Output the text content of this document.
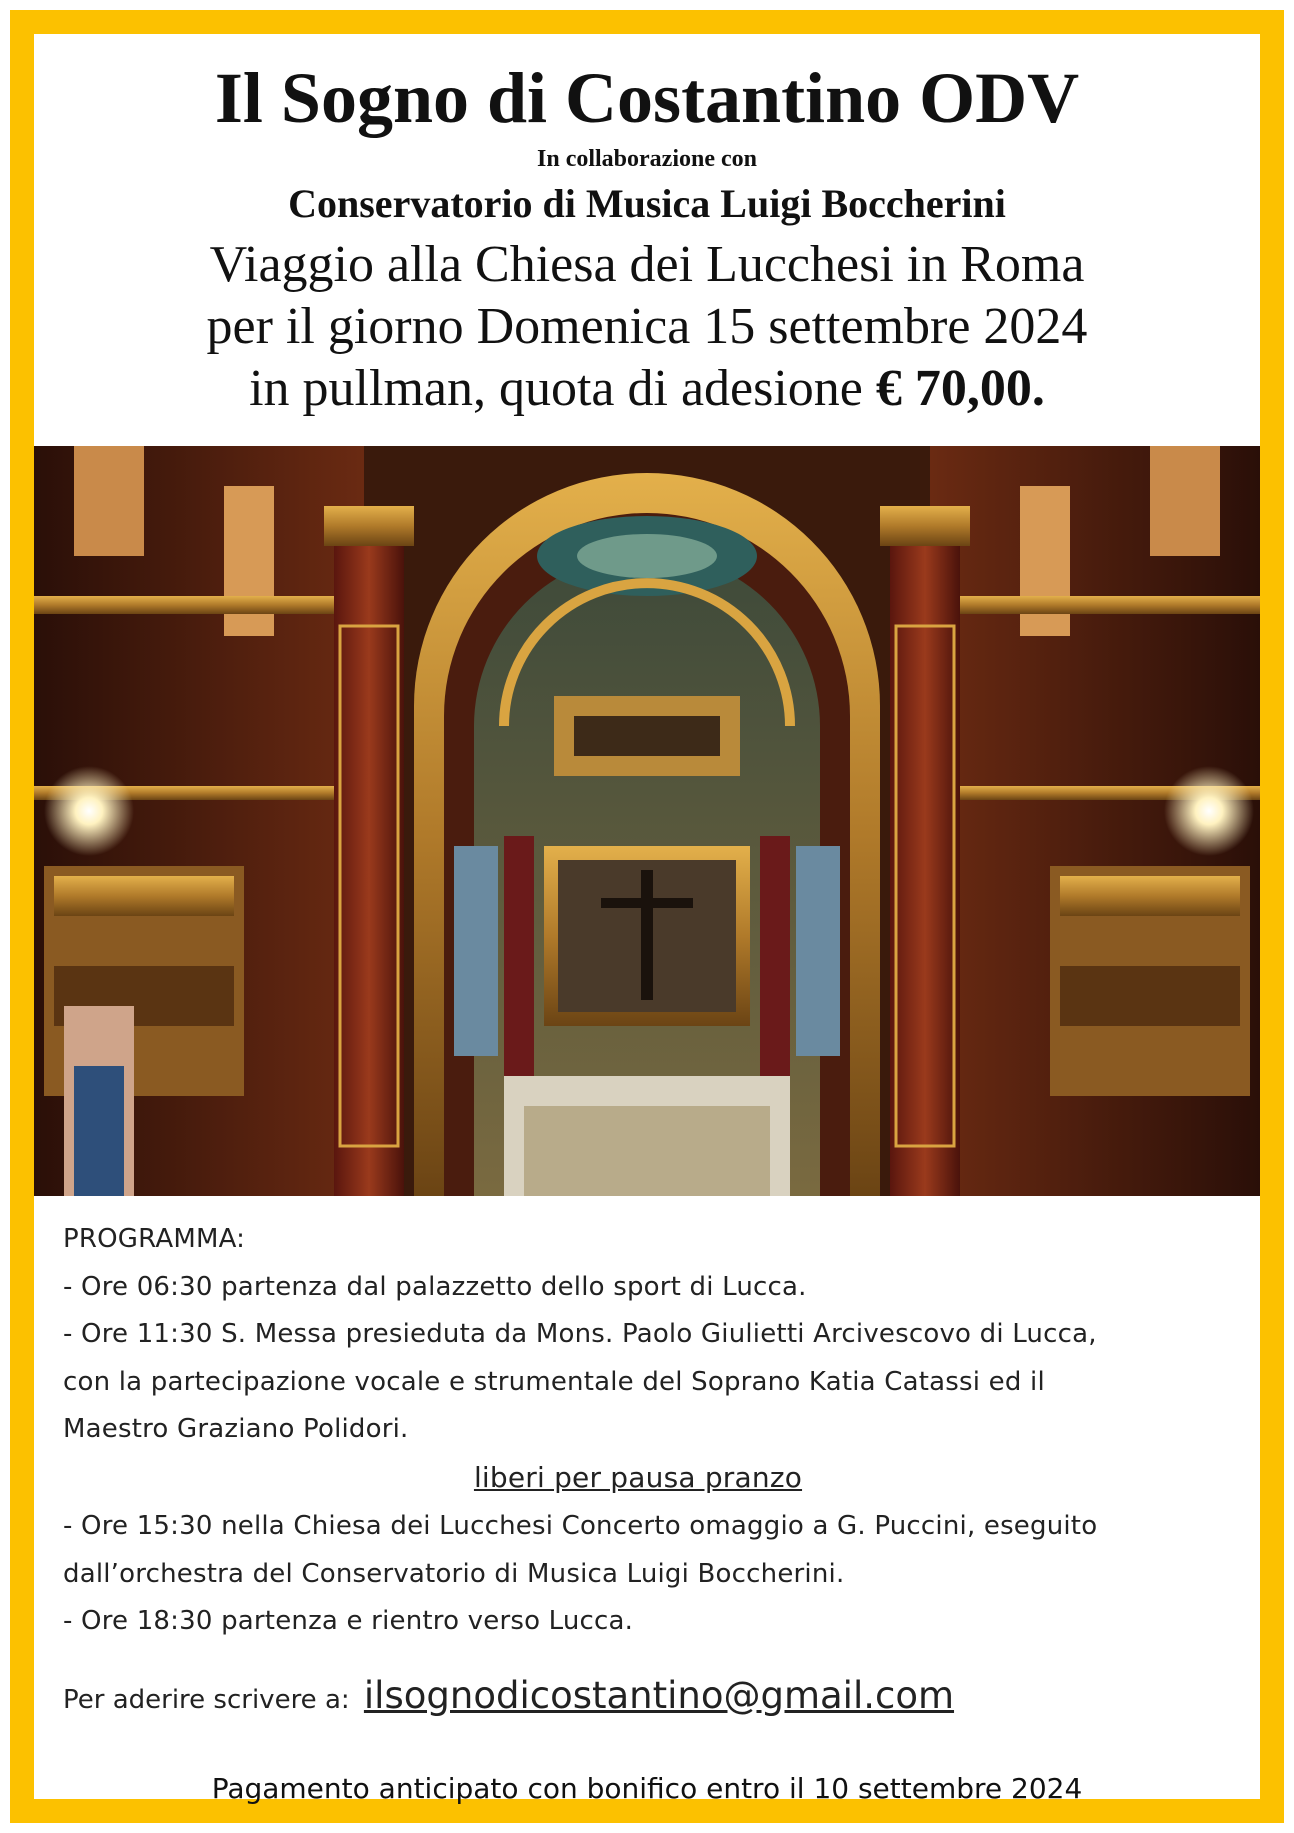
Il Sogno di Costantino ODV
In collaborazione con
Conservatorio di Musica Luigi Boccherini
Viaggio alla Chiesa dei Lucchesi in Roma
per il giorno Domenica 15 settembre 2024
in pullman, quota di adesione € 70,00.

PROGRAMMA:

- Ore 06:30 partenza dal palazzetto dello sport di Lucca.

- Ore 11:30 S. Messa presieduta da Mons. Paolo Giulietti Arcivescovo di Lucca,

con la partecipazione vocale e strumentale del Soprano Katia Catassi ed il

Maestro Graziano Polidori.

liberi per pausa pranzo

- Ore 15:30 nella Chiesa dei Lucchesi Concerto omaggio a G. Puccini, eseguito

dall’orchestra del Conservatorio di Musica Luigi Boccherini.

- Ore 18:30 partenza e rientro verso Lucca.

Per aderire scrivere a: ilsognodicostantino@gmail.com
Pagamento anticipato con bonifico entro il 10 settembre 2024
